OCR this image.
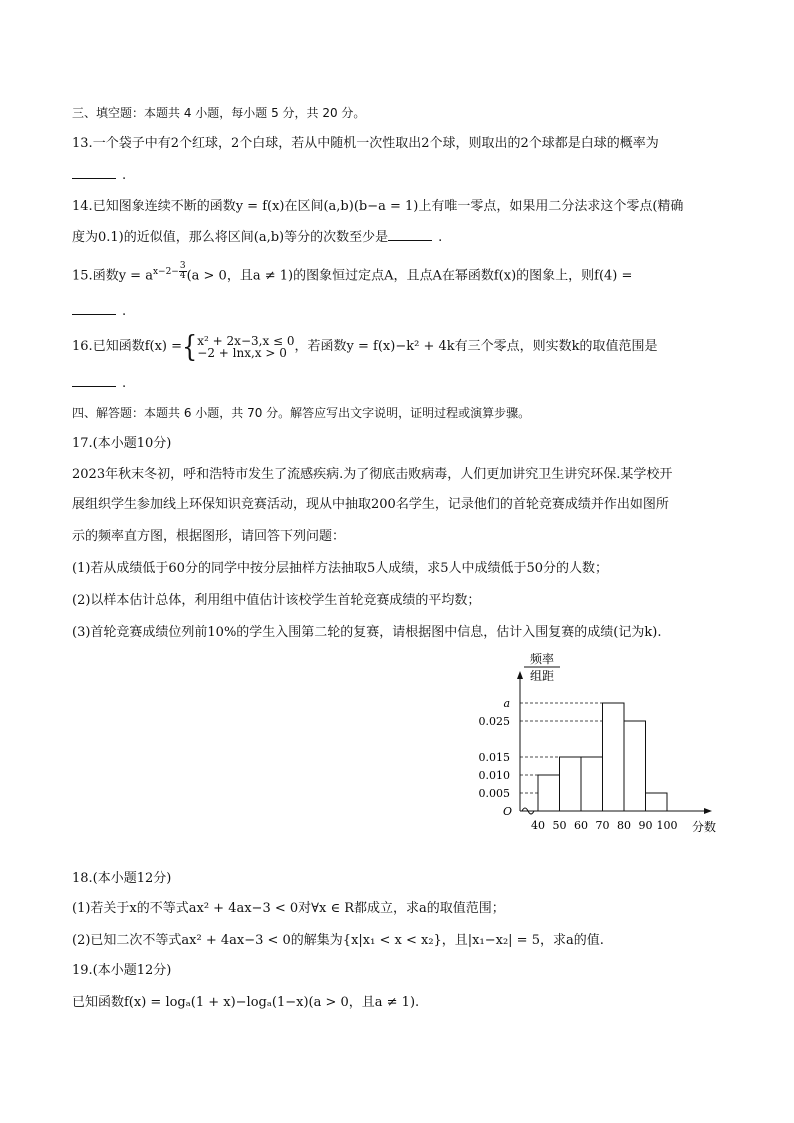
三、填空题：本题共 4 小题，每小题 5 分，共 20 分。
13.一个袋子中有2个红球，2个白球，若从中随机一次性取出2个球，则取出的2个球都是白球的概率为
.
14.已知图象连续不断的函数y = f(x)在区间(a,b)(b−a = 1)上有唯一零点，如果用二分法求这个零点(精确
度为0.1)的近似值，那么将区间(a,b)等分的次数至少是	.
15.函数$y = a^{x-2- \frac{3}{4}}$ (a > 0，且a ≠ 1)的图象恒过定点A，且点A在幂函数f(x)的图象上，则f(4) =
.
16.已知函数f(x) ={ x² + 2x−3,x ≤ 0
−2 + lnx,x > 0 ，若函数y = f(x)−k² + 4k有三个零点，则实数k的取值范围是
.
四、解答题：本题共 6 小题，共 70 分。解答应写出文字说明，证明过程或演算步骤。
17.(本小题10分)
2023年秋末冬初，呼和浩特市发生了流感疾病.为了彻底击败病毒，人们更加讲究卫生讲究环保.某学校开
展组织学生参加线上环保知识竞赛活动，现从中抽取200名学生，记录他们的首轮竞赛成绩并作出如图所
示的频率直方图，根据图形，请回答下列问题：
(1)若从成绩低于60分的同学中按分层抽样方法抽取5人成绩，求5人中成绩低于50分的人数；
(2)以样本估计总体，利用组中值估计该校学生首轮竞赛成绩的平均数；
(3)首轮竞赛成绩位列前10%的学生入围第二轮的复赛，请根据图中信息，估计入围复赛的成绩(记为k).
O
频率
组距
a
0.025
0.015
0.010
0.005
40 50 60 70 80 90 100 分数
18.(本小题12分)
(1)若关于x的不等式ax² + 4ax−3 < 0对∀x ∈ R都成立，求a的取值范围；
(2)已知二次不等式ax² + 4ax−3 < 0的解集为{x|x₁ < x < x₂}，且|x₁−x₂| = 5，求a的值.
19.(本小题12分)
已知函数f(x) = logₐ(1 + x)−logₐ(1−x)(a > 0，且a ≠ 1).
